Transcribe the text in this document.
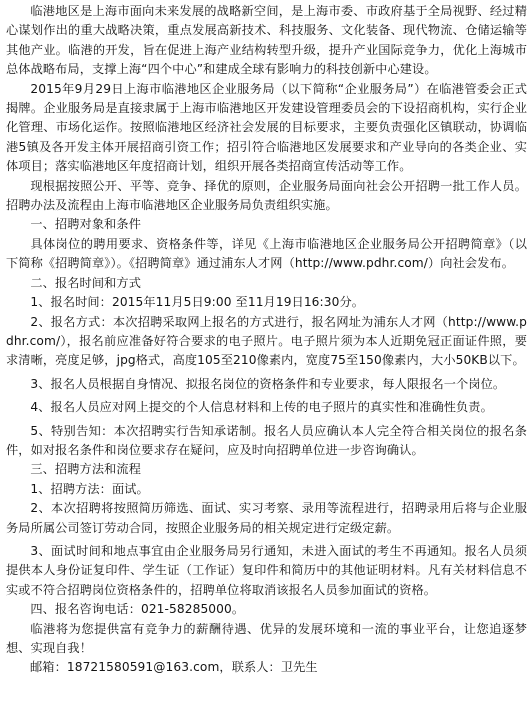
临港地区是上海市面向未来发展的战略新空间，是上海市委、市政府基于全局视野、经过精心谋划作出的重大战略决策，重点发展高新技术、科技服务、文化装备、现代物流、仓储运输等其他产业。临港的开发，旨在促进上海产业结构转型升级，提升产业国际竞争力，优化上海城市总体战略布局，支撑上海“四个中心”和建成全球有影响力的科技创新中心建设。

2015年9月29日上海市临港地区企业服务局（以下简称“企业服务局”）在临港管委会正式揭牌。企业服务局是直接隶属于上海市临港地区开发建设管理委员会的下设招商机构，实行企业化管理、市场化运作。按照临港地区经济社会发展的目标要求，主要负责强化区镇联动，协调临港5镇及各开发主体开展招商引资工作；招引符合临港地区发展要求和产业导向的各类企业、实体项目；落实临港地区年度招商计划，组织开展各类招商宣传活动等工作。

现根据按照公开、平等、竞争、择优的原则，企业服务局面向社会公开招聘一批工作人员。招聘办法及流程由上海市临港地区企业服务局负责组织实施。

一、招聘对象和条件

具体岗位的聘用要求、资格条件等，详见《上海市临港地区企业服务局公开招聘简章》（以下简称《招聘简章》）。《招聘简章》通过浦东人才网（http://www.pdhr.com/）向社会发布。

二、报名时间和方式

1、报名时间：2015年11月5日9:00 至11月19日16:30分。

2、报名方式：本次招聘采取网上报名的方式进行，报名网址为浦东人才网（http://www.pdhr.com/），报名前应准备好符合要求的电子照片。电子照片须为本人近期免冠正面证件照，要求清晰，亮度足够，jpg格式，高度105至210像素内，宽度75至150像素内，大小50KB以下。

3、报名人员根据自身情况、拟报名岗位的资格条件和专业要求，每人限报名一个岗位。

4、报名人员应对网上提交的个人信息材料和上传的电子照片的真实性和准确性负责。

5、特别告知：本次招聘实行告知承诺制。报名人员应确认本人完全符合相关岗位的报名条件，如对报名条件和岗位要求存在疑问，应及时向招聘单位进一步咨询确认。

三、招聘方法和流程

1、招聘方法：面试。

2、本次招聘将按照简历筛选、面试、实习考察、录用等流程进行，招聘录用后将与企业服务局所属公司签订劳动合同，按照企业服务局的相关规定进行定级定薪。

3、面试时间和地点事宜由企业服务局另行通知，未进入面试的考生不再通知。报名人员须提供本人身份证复印件、学生证（工作证）复印件和简历中的其他证明材料。凡有关材料信息不实或不符合招聘岗位资格条件的，招聘单位将取消该报名人员参加面试的资格。

四、报名咨询电话：021-58285000。

临港将为您提供富有竞争力的薪酬待遇、优异的发展环境和一流的事业平台，让您追逐梦想、实现自我！

邮箱：18721580591@163.com，联系人：卫先生
